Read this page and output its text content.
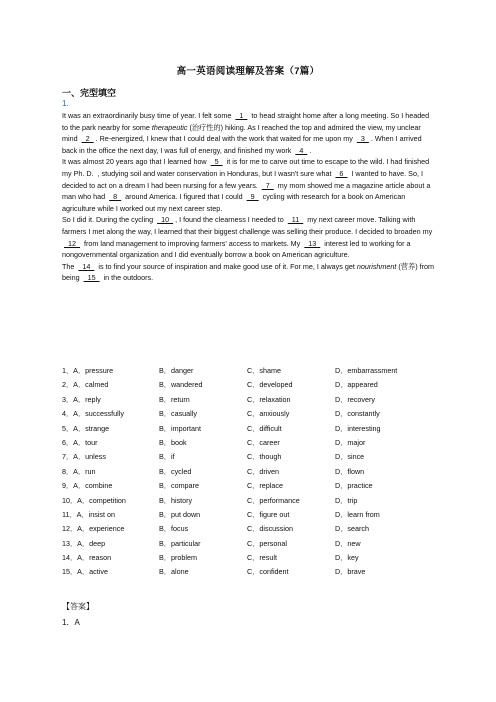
高一英语阅读理解及答案（7篇）
一、完型填空
1.

It was an extraordinarily busy time of year. I felt some   1   to head straight home after a long meeting. So I headed to the park nearby for some therapeutic (治疗性的) hiking. As I reached the top and admired the view, my unclear mind   2  . Re-energized, I knew that I could deal with the work that waited for me upon my   3  . When I arrived back in the office the next day, I was full of energy, and finished my work   4  .

It was almost 20 years ago that I learned how   5   it is for me to carve out time to escape to the wild. I had finished my Ph. D.  , studying soil and water conservation in Honduras, but I wasn't sure what   6   I wanted to have. So, I decided to act on a dream I had been nursing for a few years.   7   my mom showed me a magazine article about a man who had   8   around America. I figured that I could   9   cycling with research for a book on American agriculture while I worked out my next career step.

So I did it. During the cycling   10  , I found the clearness I needed to   11   my next career move. Talking with farmers I met along the way, I learned that their biggest challenge was selling their produce. I decided to broaden my   12   from land management to improving farmers' access to markets. My   13   interest led to working for a nongovernmental organization and I did eventually borrow a book on American agriculture.

The   14   is to find your source of inspiration and make good use of it. For me, I always get nourishment (营养) from being   15   in the outdoors.

1．A．pressure	B．danger	C．shame	D．embarrassment
2．A．calmed	B．wandered	C．developed	D．appeared
3．A．reply	B．return	C．relaxation	D．recovery
4．A．successfully	B．casually	C．anxiously	D．constantly
5．A．strange	B．important	C．difficult	D．interesting
6．A．tour	B．book	C．career	D．major
7．A．unless	B．if	C．though	D．since
8．A．run	B．cycled	C．driven	D．flown
9．A．combine	B．compare	C．replace	D．practice
10．A．competition	B．history	C．performance	D．trip
11．A．insist on	B．put down	C．figure out	D．learn from
12．A．experience	B．focus	C．discussion	D．search
13．A．deep	B．particular	C．personal	D．new
14．A．reason	B．problem	C．result	D．key
15．A．active	B．alone	C．confident	D．brave
【答案】
1．A
